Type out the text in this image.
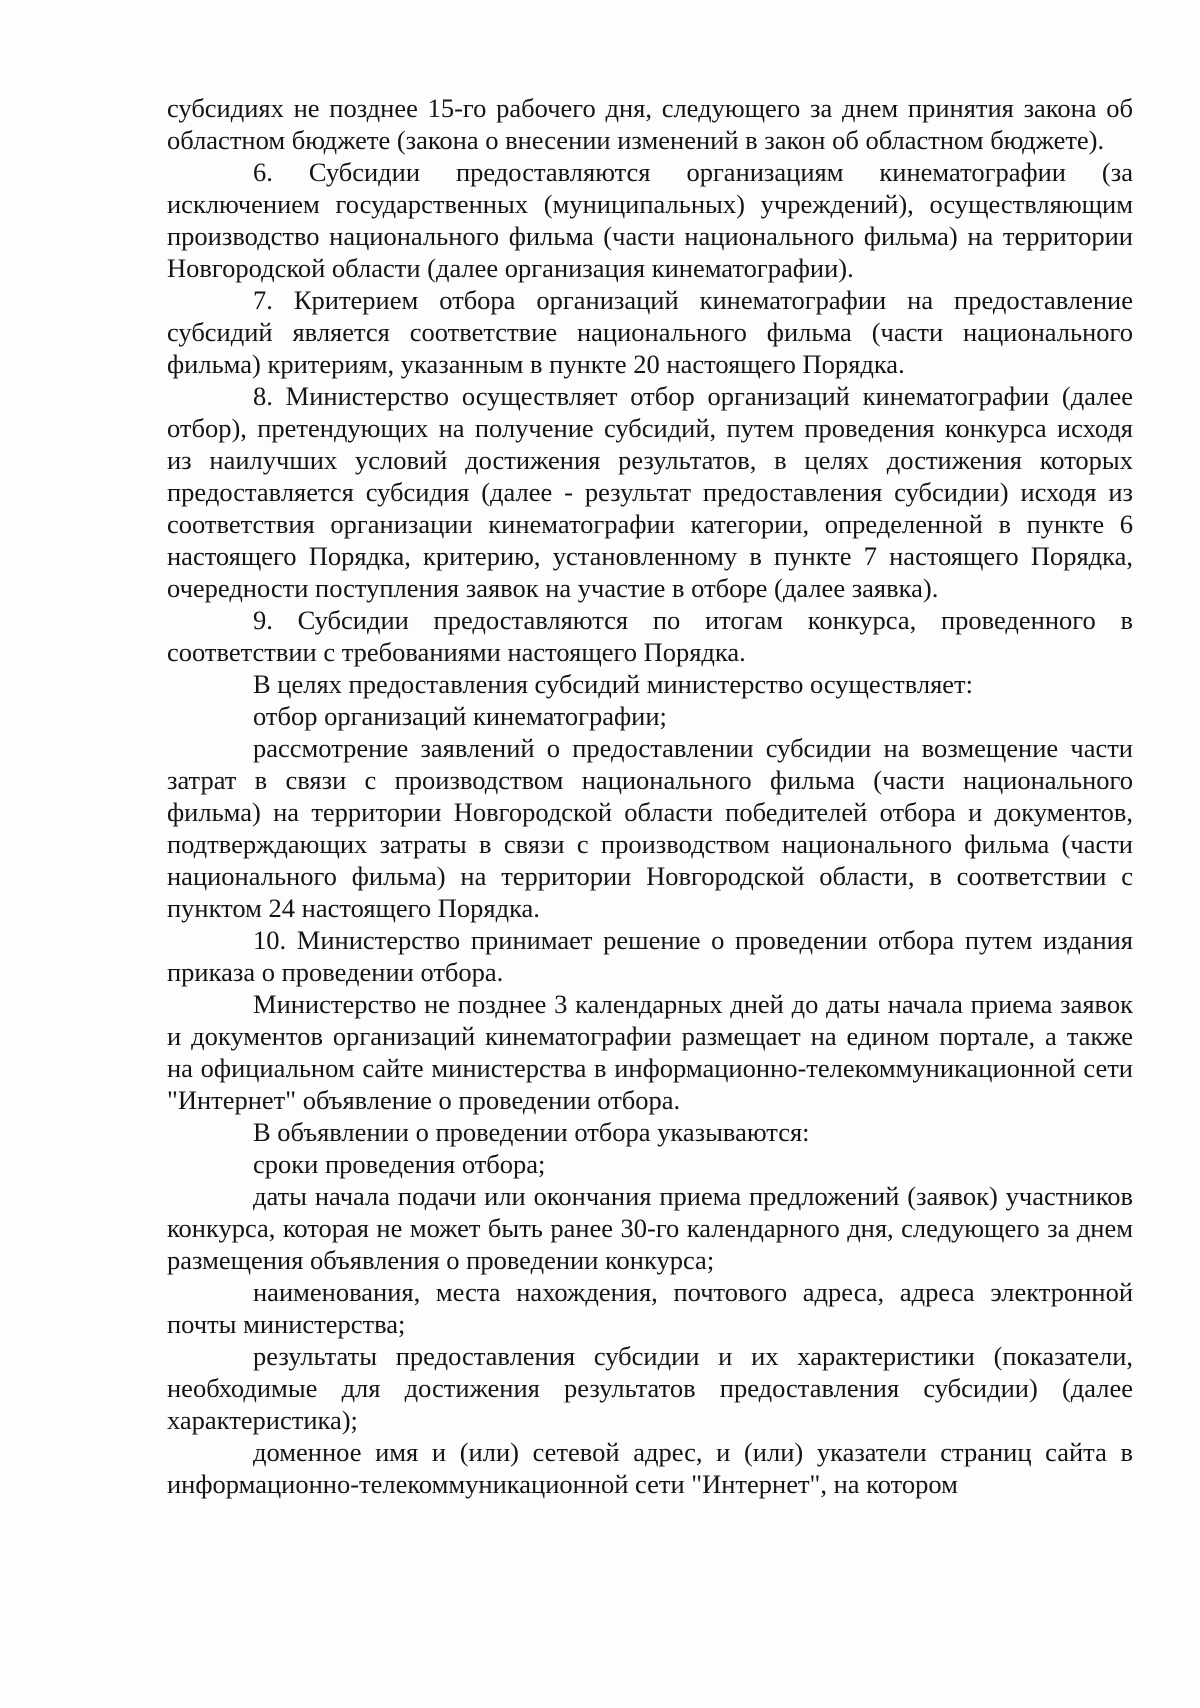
субсидиях не позднее 15-го рабочего дня, следующего за днем принятия закона об областном бюджете (закона о внесении изменений в закон об областном бюджете).

6. Субсидии предоставляются организациям кинематографии (за исключением государственных (муниципальных) учреждений), осуществляющим производство национального фильма (части национального фильма) на территории Новгородской области (далее организация кинематографии).

7. Критерием отбора организаций кинематографии на предоставление субсидий является соответствие национального фильма (части национального фильма) критериям, указанным в пункте 20 настоящего Порядка.

8. Министерство осуществляет отбор организаций кинематографии (далее отбор), претендующих на получение субсидий, путем проведения конкурса исходя из наилучших условий достижения результатов, в целях достижения которых предоставляется субсидия (далее - результат предоставления субсидии) исходя из соответствия организации кинематографии категории, определенной в пункте 6 настоящего Порядка, критерию, установленному в пункте 7 настоящего Порядка, очередности поступления заявок на участие в отборе (далее заявка).

9. Субсидии предоставляются по итогам конкурса, проведенного в соответствии с требованиями настоящего Порядка.

В целях предоставления субсидий министерство осуществляет:

отбор организаций кинематографии;

рассмотрение заявлений о предоставлении субсидии на возмещение части затрат в связи с производством национального фильма (части национального фильма) на территории Новгородской области победителей отбора и документов, подтверждающих затраты в связи с производством национального фильма (части национального фильма) на территории Новгородской области, в соответствии с пунктом 24 настоящего Порядка.

10. Министерство принимает решение о проведении отбора путем издания приказа о проведении отбора.

Министерство не позднее 3 календарных дней до даты начала приема заявок и документов организаций кинематографии размещает на едином портале, а также на официальном сайте министерства в информационно-телекоммуникационной сети "Интернет" объявление о проведении отбора.

В объявлении о проведении отбора указываются:

сроки проведения отбора;

даты начала подачи или окончания приема предложений (заявок) участников конкурса, которая не может быть ранее 30-го календарного дня, следующего за днем размещения объявления о проведении конкурса;

наименования, места нахождения, почтового адреса, адреса электронной почты министерства;

результаты предоставления субсидии и их характеристики (показатели, необходимые для достижения результатов предоставления субсидии) (далее характеристика);

доменное имя и (или) сетевой адрес, и (или) указатели страниц сайта в информационно-телекоммуникационной сети "Интернет", на котором
